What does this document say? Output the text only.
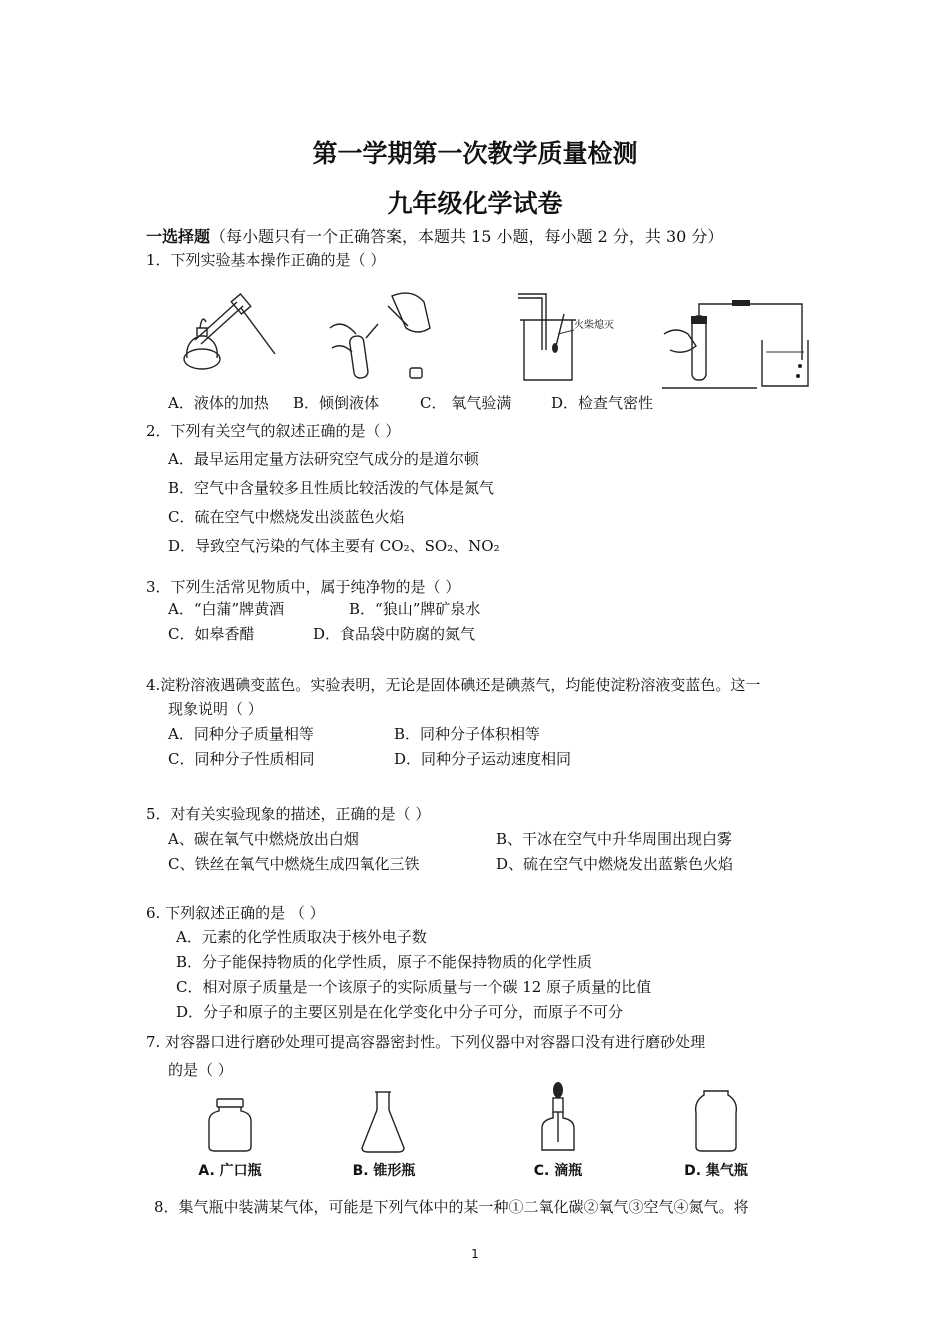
第一学期第一次教学质量检测
九年级化学试卷
一选择题（每小题只有一个正确答案，本题共 15 小题，每小题 2 分，共 30 分）
1．下列实验基本操作正确的是（ ）
火柴熄灭
A．液体的加热 B．倾倒液体	C． 氧气验满	D．检查气密性
2．下列有关空气的叙述正确的是（ ）
A．最早运用定量方法研究空气成分的是道尔顿
B．空气中含量较多且性质比较活泼的气体是氮气
C．硫在空气中燃烧发出淡蓝色火焰
D．导致空气污染的气体主要有 CO₂、SO₂、NO₂
3．下列生活常见物质中，属于纯净物的是（ ）
A．“白蒲”牌黄酒	B．“狼山”牌矿泉水
C．如皋香醋	D．食品袋中防腐的氮气
4.淀粉溶液遇碘变蓝色。实验表明，无论是固体碘还是碘蒸气，均能使淀粉溶液变蓝色。这一
现象说明（ ）
A．同种分子质量相等	B．同种分子体积相等
C．同种分子性质相同	D．同种分子运动速度相同
5．对有关实验现象的描述，正确的是（ ）
A、碳在氧气中燃烧放出白烟	B、干冰在空气中升华周围出现白雾
C、铁丝在氧气中燃烧生成四氧化三铁	D、硫在空气中燃烧发出蓝紫色火焰
6. 下列叙述正确的是 （ ）
A．元素的化学性质取决于核外电子数
B．分子能保持物质的化学性质，原子不能保持物质的化学性质
C．相对原子质量是一个该原子的实际质量与一个碳 12 原子质量的比值
D．分子和原子的主要区别是在化学变化中分子可分，而原子不可分
7. 对容器口进行磨砂处理可提高容器密封性。下列仪器中对容器口没有进行磨砂处理
的是（ ）
A. 广口瓶	B. 锥形瓶	C. 滴瓶	D. 集气瓶
8．集气瓶中装满某气体，可能是下列气体中的某一种①二氧化碳②氧气③空气④氮气。将
1
